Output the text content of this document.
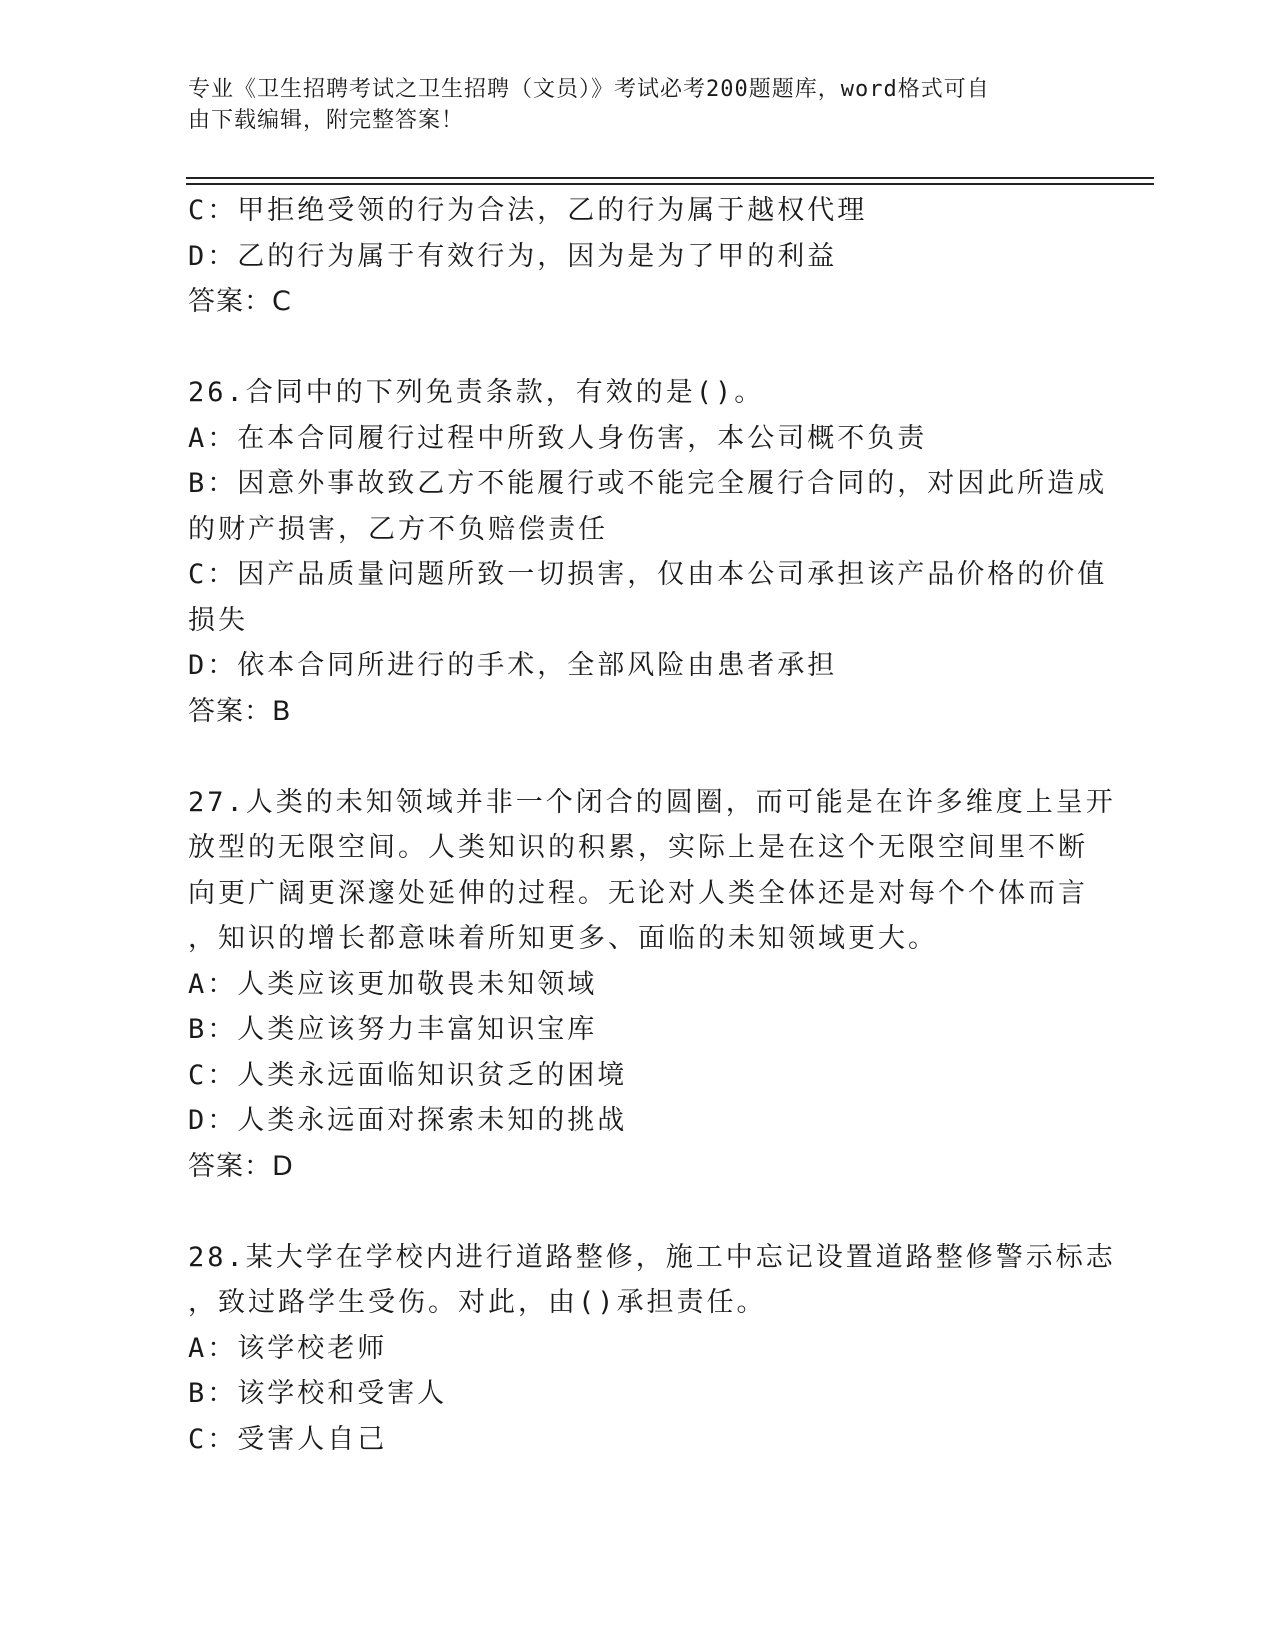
专业《卫生招聘考试之卫生招聘（文员）》考试必考200题题库，word格式可自
由下载编辑，附完整答案！
C：甲拒绝受领的行为合法，乙的行为属于越权代理
D：乙的行为属于有效行为，因为是为了甲的利益
答案：C
26.合同中的下列免责条款，有效的是()。
A：在本合同履行过程中所致人身伤害，本公司概不负责
B：因意外事故致乙方不能履行或不能完全履行合同的，对因此所造成
的财产损害，乙方不负赔偿责任
C：因产品质量问题所致一切损害，仅由本公司承担该产品价格的价值
损失
D：依本合同所进行的手术，全部风险由患者承担
答案：B
27.人类的未知领域并非一个闭合的圆圈，而可能是在许多维度上呈开
放型的无限空间。人类知识的积累，实际上是在这个无限空间里不断
向更广阔更深邃处延伸的过程。无论对人类全体还是对每个个体而言
，知识的增长都意味着所知更多、面临的未知领域更大。
A：人类应该更加敬畏未知领域
B：人类应该努力丰富知识宝库
C：人类永远面临知识贫乏的困境
D：人类永远面对探索未知的挑战
答案：D
28.某大学在学校内进行道路整修，施工中忘记设置道路整修警示标志
，致过路学生受伤。对此，由()承担责任。
A：该学校老师
B：该学校和受害人
C：受害人自己
